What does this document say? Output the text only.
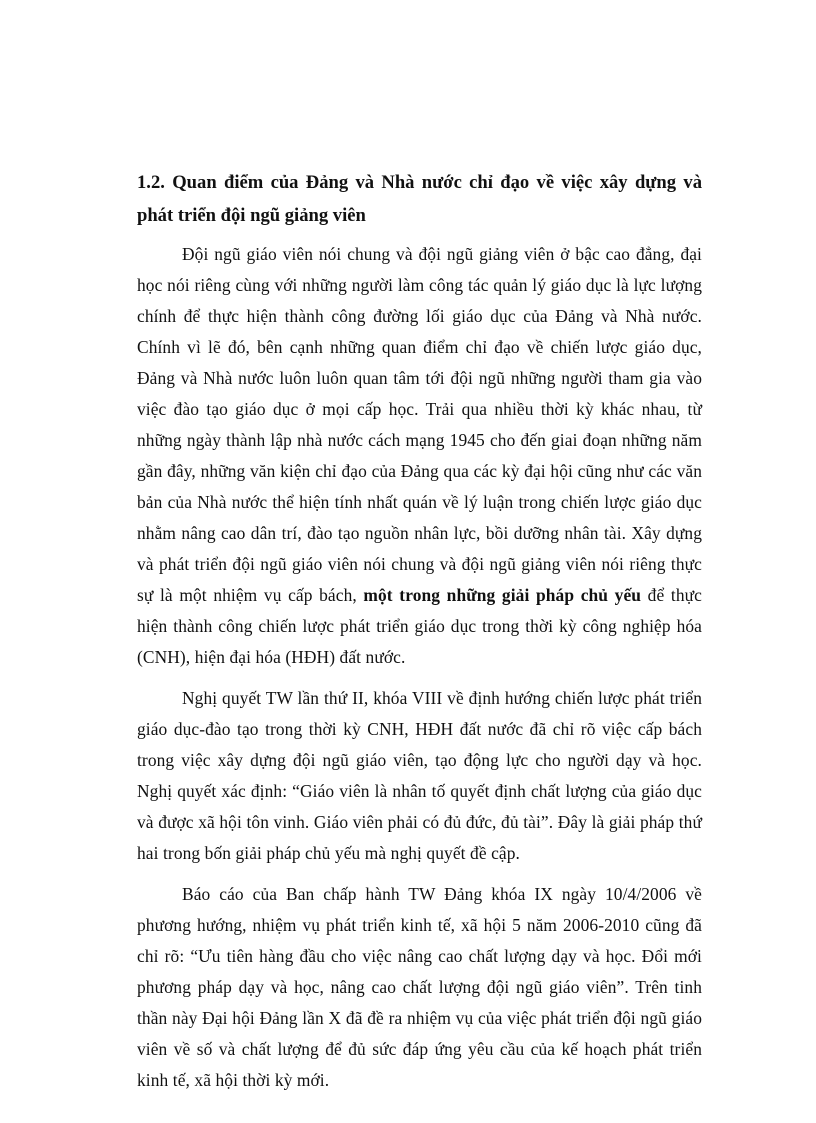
1.2. Quan điểm của Đảng và Nhà nước chỉ đạo về việc xây dựng và phát triển đội ngũ giảng viên

Đội ngũ giáo viên nói chung và đội ngũ giảng viên ở bậc cao đẳng, đại học nói riêng cùng với những người làm công tác quản lý giáo dục là lực lượng chính để thực hiện thành công đường lối giáo dục của Đảng và Nhà nước. Chính vì lẽ đó, bên cạnh những quan điểm chỉ đạo về chiến lược giáo dục, Đảng và Nhà nước luôn luôn quan tâm tới đội ngũ những người tham gia vào việc đào tạo giáo dục ở mọi cấp học. Trải qua nhiều thời kỳ khác nhau, từ những ngày thành lập nhà nước cách mạng 1945 cho đến giai đoạn những năm gần đây, những văn kiện chỉ đạo của Đảng qua các kỳ đại hội cũng như các văn bản của Nhà nước thể hiện tính nhất quán về lý luận trong chiến lược giáo dục nhằm nâng cao dân trí, đào tạo nguồn nhân lực, bồi dưỡng nhân tài. Xây dựng và phát triển đội ngũ giáo viên nói chung và đội ngũ giảng viên nói riêng thực sự là một nhiệm vụ cấp bách, một trong những giải pháp chủ yếu để thực hiện thành công chiến lược phát triển giáo dục trong thời kỳ công nghiệp hóa (CNH), hiện đại hóa (HĐH) đất nước.

Nghị quyết TW lần thứ II, khóa VIII về định hướng chiến lược phát triển giáo dục-đào tạo trong thời kỳ CNH, HĐH đất nước đã chỉ rõ việc cấp bách trong việc xây dựng đội ngũ giáo viên, tạo động lực cho người dạy và học. Nghị quyết xác định: “Giáo viên là nhân tố quyết định chất lượng của giáo dục và được xã hội tôn vinh. Giáo viên phải có đủ đức, đủ tài”. Đây là giải pháp thứ hai trong bốn giải pháp chủ yếu mà nghị quyết đề cập.

Báo cáo của Ban chấp hành TW Đảng khóa IX ngày 10/4/2006 về phương hướng, nhiệm vụ phát triển kinh tế, xã hội 5 năm 2006-2010 cũng đã chỉ rõ: “Ưu tiên hàng đầu cho việc nâng cao chất lượng dạy và học. Đổi mới phương pháp dạy và học, nâng cao chất lượng đội ngũ giáo viên”. Trên tinh thần này Đại hội Đảng lần X đã đề ra nhiệm vụ của việc phát triển đội ngũ giáo viên về số và chất lượng để đủ sức đáp ứng yêu cầu của kế hoạch phát triển kinh tế, xã hội thời kỳ mới.
